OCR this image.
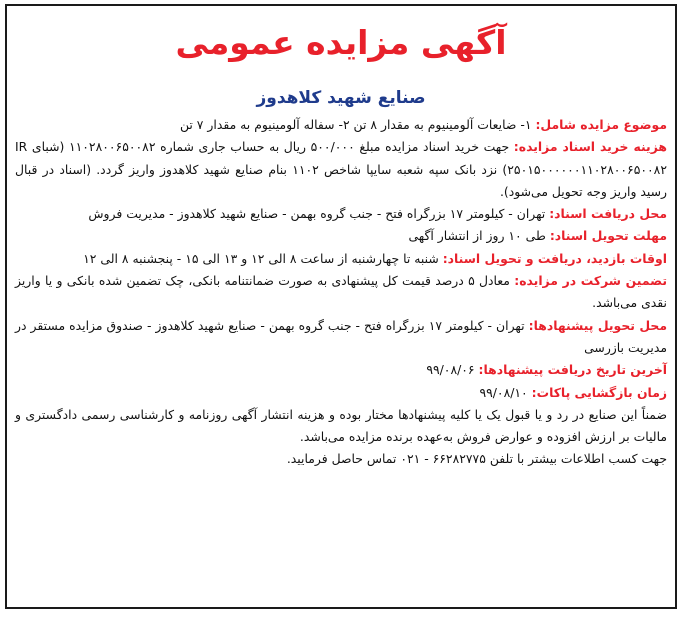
آگهی مزایده عمومی
صنایع شهید کلاهدوز

موضوع مزایده شامل: ۱- ضایعات آلومینیوم به مقدار ۸ تن ۲- سفاله آلومینیوم به مقدار ۷ تن

هزینه خرید اسناد مزایده: جهت خرید اسناد مزایده مبلغ ۵۰۰/۰۰۰ ریال به حساب جاری شماره ۱۱۰۲۸۰۰۶۵۰۰۸۲ (شبای IR ۲۵۰۱۵۰۰۰۰۰۰۱۱۰۲۸۰۰۶۵۰۰۸۲) نزد بانک سپه شعبه سایپا شاخص ۱۱۰۲ بنام صنایع شهید کلاهدوز واریز گردد. (اسناد در قبال رسید واریز وجه تحویل می‌شود).

محل دریافت اسناد: تهران - کیلومتر ۱۷ بزرگراه فتح - جنب گروه بهمن - صنایع شهید کلاهدوز - مدیریت فروش

مهلت تحویل اسناد: طی ۱۰ روز از انتشار آگهی

اوقات بازدید، دریافت و تحویل اسناد: شنبه تا چهارشنبه از ساعت ۸ الی ۱۲ و ۱۳ الی ۱۵ - پنجشنبه ۸ الی ۱۲

تضمین شرکت در مزایده: معادل ۵ درصد قیمت کل پیشنهادی به صورت ضمانتنامه بانکی، چک تضمین شده بانکی و یا واریز نقدی می‌باشد.

محل تحویل پیشنهادها: تهران - کیلومتر ۱۷ بزرگراه فتح - جنب گروه بهمن - صنایع شهید کلاهدوز - صندوق مزایده مستقر در مدیریت بازرسی

آخرین تاریخ دریافت پیشنهادها: ۹۹/۰۸/۰۶

زمان بازگشایی پاکات: ۹۹/۰۸/۱۰

ضمناً این صنایع در رد و یا قبول یک یا کلیه پیشنهادها مختار بوده و هزینه انتشار آگهی روزنامه و کارشناسی رسمی دادگستری و مالیات بر ارزش افزوده و عوارض فروش به‌عهده برنده مزایده می‌باشد.

جهت کسب اطلاعات بیشتر با تلفن ۰۲۱ - ۶۶۲۸۲۷۷۵ تماس حاصل فرمایید.
